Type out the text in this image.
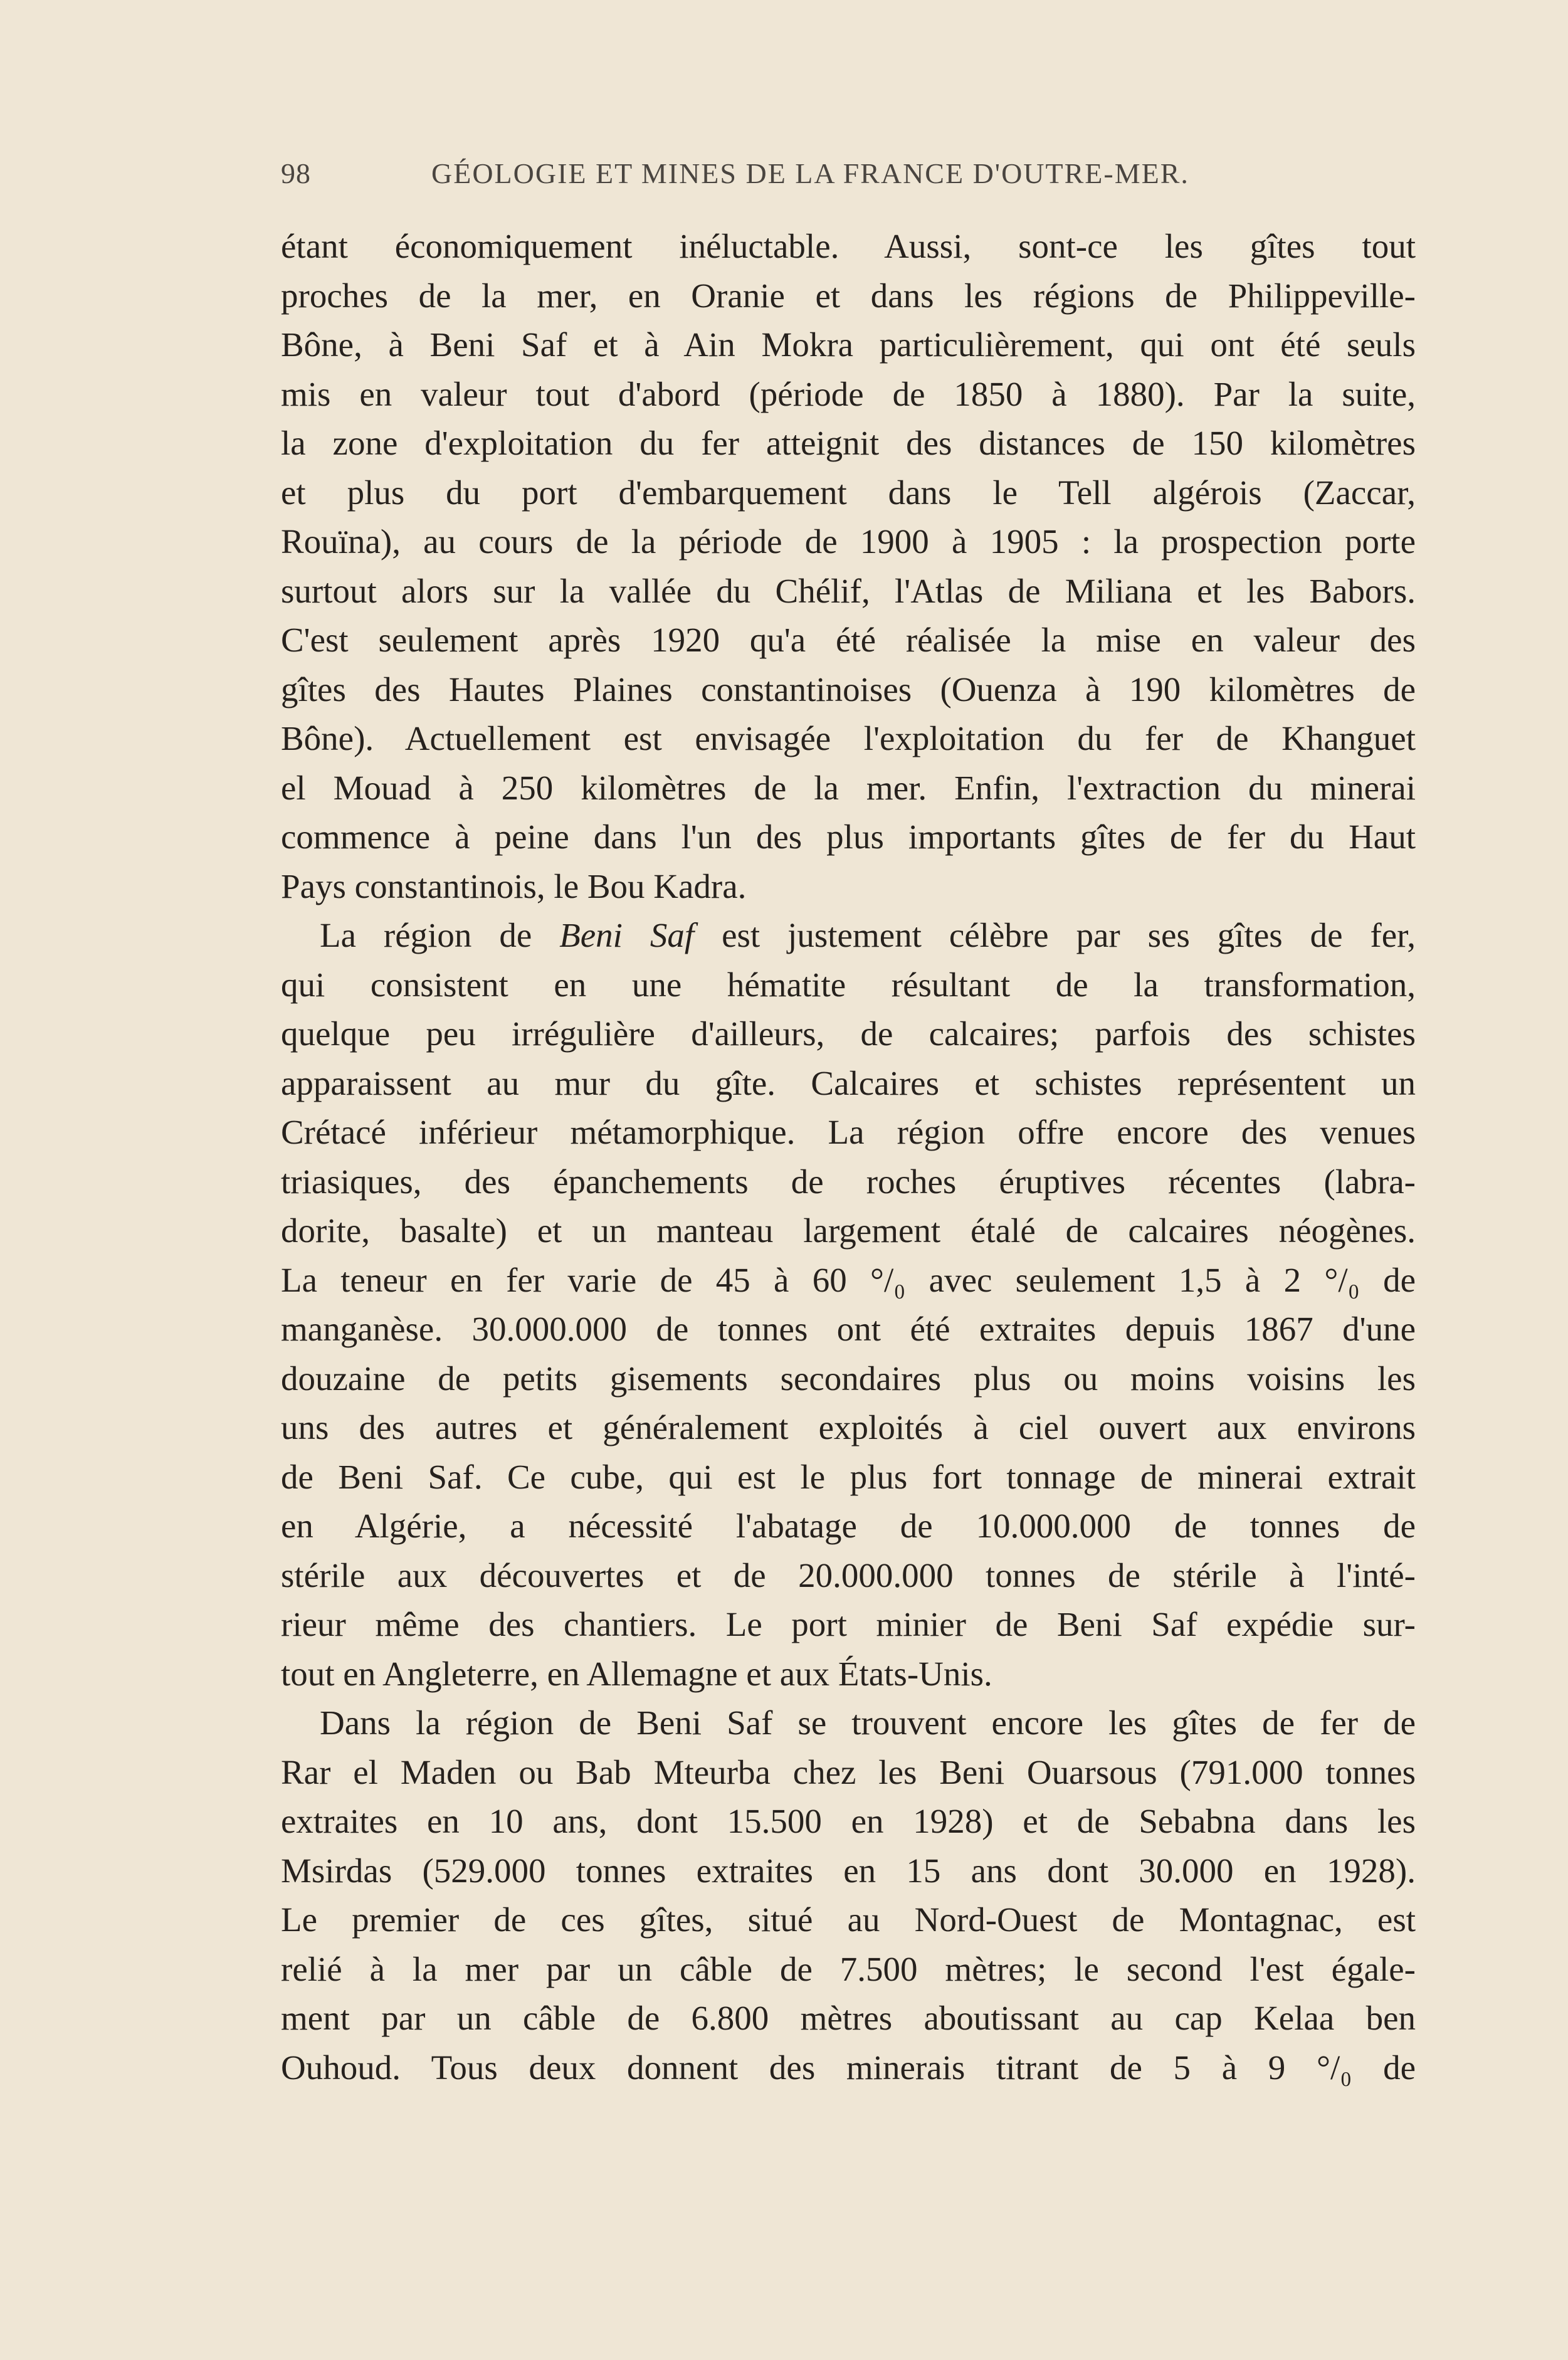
98	GÉOLOGIE ET MINES DE LA FRANCE D'OUTRE-MER.
étant économiquement inéluctable. Aussi, sont-ce les gîtes tout
proches de la mer, en Oranie et dans les régions de Philippeville-
Bône, à Beni Saf et à Ain Mokra particulièrement, qui ont été seuls
mis en valeur tout d'abord (période de 1850 à 1880). Par la suite,
la zone d'exploitation du fer atteignit des distances de 150 kilomètres
et plus du port d'embarquement dans le Tell algérois (Zaccar,
Rouïna), au cours de la période de 1900 à 1905 : la prospection porte
surtout alors sur la vallée du Chélif, l'Atlas de Miliana et les Babors.
C'est seulement après 1920 qu'a été réalisée la mise en valeur des
gîtes des Hautes Plaines constantinoises (Ouenza à 190 kilomètres de
Bône). Actuellement est envisagée l'exploitation du fer de Khanguet
el Mouad à 250 kilomètres de la mer. Enfin, l'extraction du minerai
commence à peine dans l'un des plus importants gîtes de fer du Haut
Pays constantinois, le Bou Kadra.
La région de Beni Saf est justement célèbre par ses gîtes de fer,
qui consistent en une hématite résultant de la transformation,
quelque peu irrégulière d'ailleurs, de calcaires; parfois des schistes
apparaissent au mur du gîte. Calcaires et schistes représentent un
Crétacé inférieur métamorphique. La région offre encore des venues
triasiques, des épanchements de roches éruptives récentes (labra-
dorite, basalte) et un manteau largement étalé de calcaires néogènes.
La teneur en fer varie de 45 à 60 °/₀ avec seulement 1,5 à 2 °/₀ de
manganèse. 30.000.000 de tonnes ont été extraites depuis 1867 d'une
douzaine de petits gisements secondaires plus ou moins voisins les
uns des autres et généralement exploités à ciel ouvert aux environs
de Beni Saf. Ce cube, qui est le plus fort tonnage de minerai extrait
en Algérie, a nécessité l'abatage de 10.000.000 de tonnes de
stérile aux découvertes et de 20.000.000 tonnes de stérile à l'inté-
rieur même des chantiers. Le port minier de Beni Saf expédie sur-
tout en Angleterre, en Allemagne et aux États-Unis.
Dans la région de Beni Saf se trouvent encore les gîtes de fer de
Rar el Maden ou Bab Mteurba chez les Beni Ouarsous (791.000 tonnes
extraites en 10 ans, dont 15.500 en 1928) et de Sebabna dans les
Msirdas (529.000 tonnes extraites en 15 ans dont 30.000 en 1928).
Le premier de ces gîtes, situé au Nord-Ouest de Montagnac, est
relié à la mer par un câble de 7.500 mètres; le second l'est égale-
ment par un câble de 6.800 mètres aboutissant au cap Kelaa ben
Ouhoud. Tous deux donnent des minerais titrant de 5 à 9 °/₀ de
